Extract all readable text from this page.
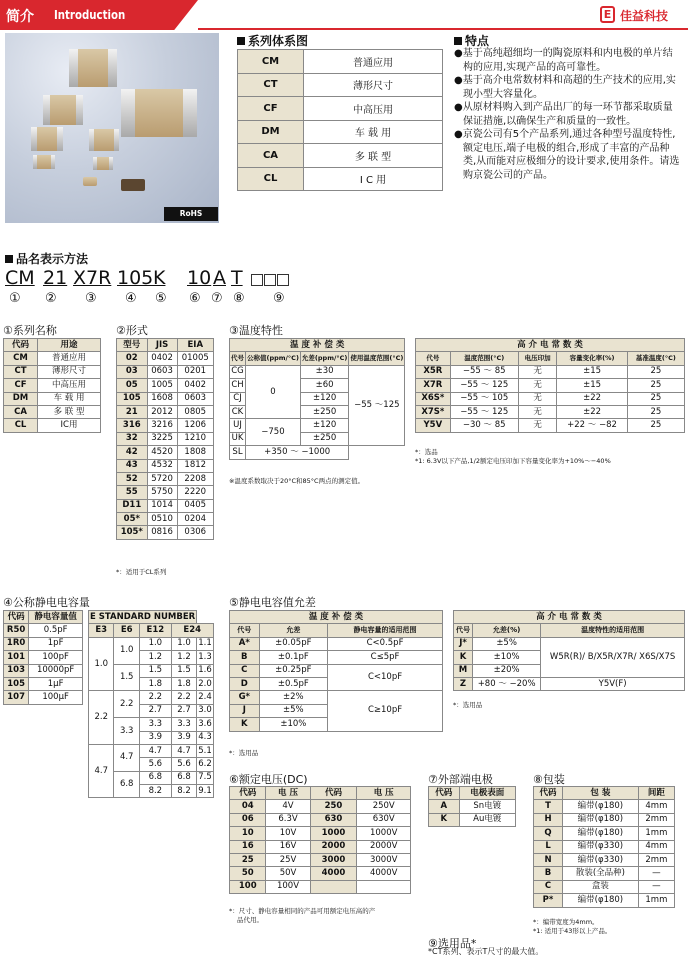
简介 Introduction	E 佳益科技
RoHS Compliant
系列体系图
CM	普通应用
CT	薄形尺寸
CF	中高压用
DM	车 载 用
CA	多 联 型
CL	I C 用
特点
●基于高纯超细均一的陶瓷原料和内电极的单片结构的应用,实现产品的高可靠性。
●基于高介电常数材料和高超的生产技术的应用,实现小型大容量化。
●从原材料购入到产品出厂的每一环节都采取质量保证措施,以确保生产和质量的一致性。
●京瓷公司有5个产品系列,通过各种型号温度特性,额定电压,端子电极的组合,形成了丰富的产品种类,从而能对应极细分的设计要求,使用条件。请选购京瓷公司的产品。
品名表示方法
CM 21 X7R 105 K 10 A T
① ② ③ ④ ⑤ ⑥ ⑦ ⑧ ⑨
①系列名称
代码	用途
CM	普通应用
CT	薄形尺寸
CF	中高压用
DM	车 载 用
CA	多 联 型
CL	IC用
②形式
型号	JIS	EIA
02	0402	01005
03	0603	0201
05	1005	0402
105	1608	0603
21	2012	0805
316	3216	1206
32	3225	1210
42	4520	1808
43	4532	1812
52	5720	2208
55	5750	2220
D11	1014	0405
05*	0510	0204
105*	0816	0306
*：适用于CL系列
③温度特性
温 度 补 偿 类			
代号	公称值(ppm/°C)	允差(ppm/°C)	使用温度范围(°C)
CG	0	±30	−55 ～125
CH		±60	
CJ		±120	
CK		±250	
UJ	−750	±120	
UK		±250	
SL	+350 ～ −1000		
※温度系数取决于20°C和85°C两点的测定值。
高 介 电 常 数 类				
代号	温度范围(°C)	电压印加	容量变化率(%)	基准温度(°C)
X5R	−55 ～ 85	无	±15	25
X7R	−55 ～ 125	无	±15	25
X6S*	−55 ～ 105	无	±22	25
X7S*	−55 ～ 125	无	±22	25
Y5V	−30 ～ 85	无	+22 ～ −82	25
*：选品
*1: 6.3V以下产品,1/2额定电压印加下容量变化率为+10%〜−40%
④公称静电电容量
代码	静电容量值
R50	0.5pF
1R0	1pF
101	100pF
103	10000pF
105	1μF
107	100μF
E STANDARD NUMBER				
E3	E6	E12	E24	
1.0	1.0	1.0	1.0	1.1
		1.2	1.2	1.3
	1.5	1.5	1.5	1.6
		1.8	1.8	2.0
2.2	2.2	2.2	2.2	2.4
		2.7	2.7	3.0
	3.3	3.3	3.3	3.6
		3.9	3.9	4.3
4.7	4.7	4.7	4.7	5.1
		5.6	5.6	6.2
	6.8	6.8	6.8	7.5
		8.2	8.2	9.1
⑤静电电容值允差
温 度 补 偿 类		
代号	允差	静电容量的适用范围
A*	±0.05pF	C<0.5pF
B	±0.1pF	C≤5pF
C	±0.25pF	C<10pF
D	±0.5pF	
G*	±2%	C≥10pF
J	±5%	
K	±10%	
*：选用品
高 介 电 常 数 类		
代号	允差(%)	温度特性的适用范围
J*	±5%	W5R(R)/ B/X5R/X7R/ X6S/X7S
K	±10%	
M	±20%	
Z	+80 ～ −20%	Y5V(F)
*：选用品
⑥额定电压(DC)
代码	电 压	代码	电 压
04	4V	250	250V
06	6.3V	630	630V
10	10V	1000	1000V
16	16V	2000	2000V
25	25V	3000	3000V
50	50V	4000	4000V
100	100V		
*：尺寸、静电容量相同的产品可用额定电压高的产
品代用。
⑦外部端电极
代码	电极表面
A	Sn电镀
K	Au电镀
⑧包装
代码	包 装	间距
T	编带(φ180)	4mm
H	编带(φ180)	2mm
Q	编带(φ180)	1mm
L	编带(φ330)	4mm
N	编带(φ330)	2mm
B	散装(全品种)	—
C	盒装	—
P*	编带(φ180)	1mm
*：编带宽度为4mm。
*1: 适用于43形以上产品。
⑨选用品*
*CT系列、表示T尺寸的最大值。
